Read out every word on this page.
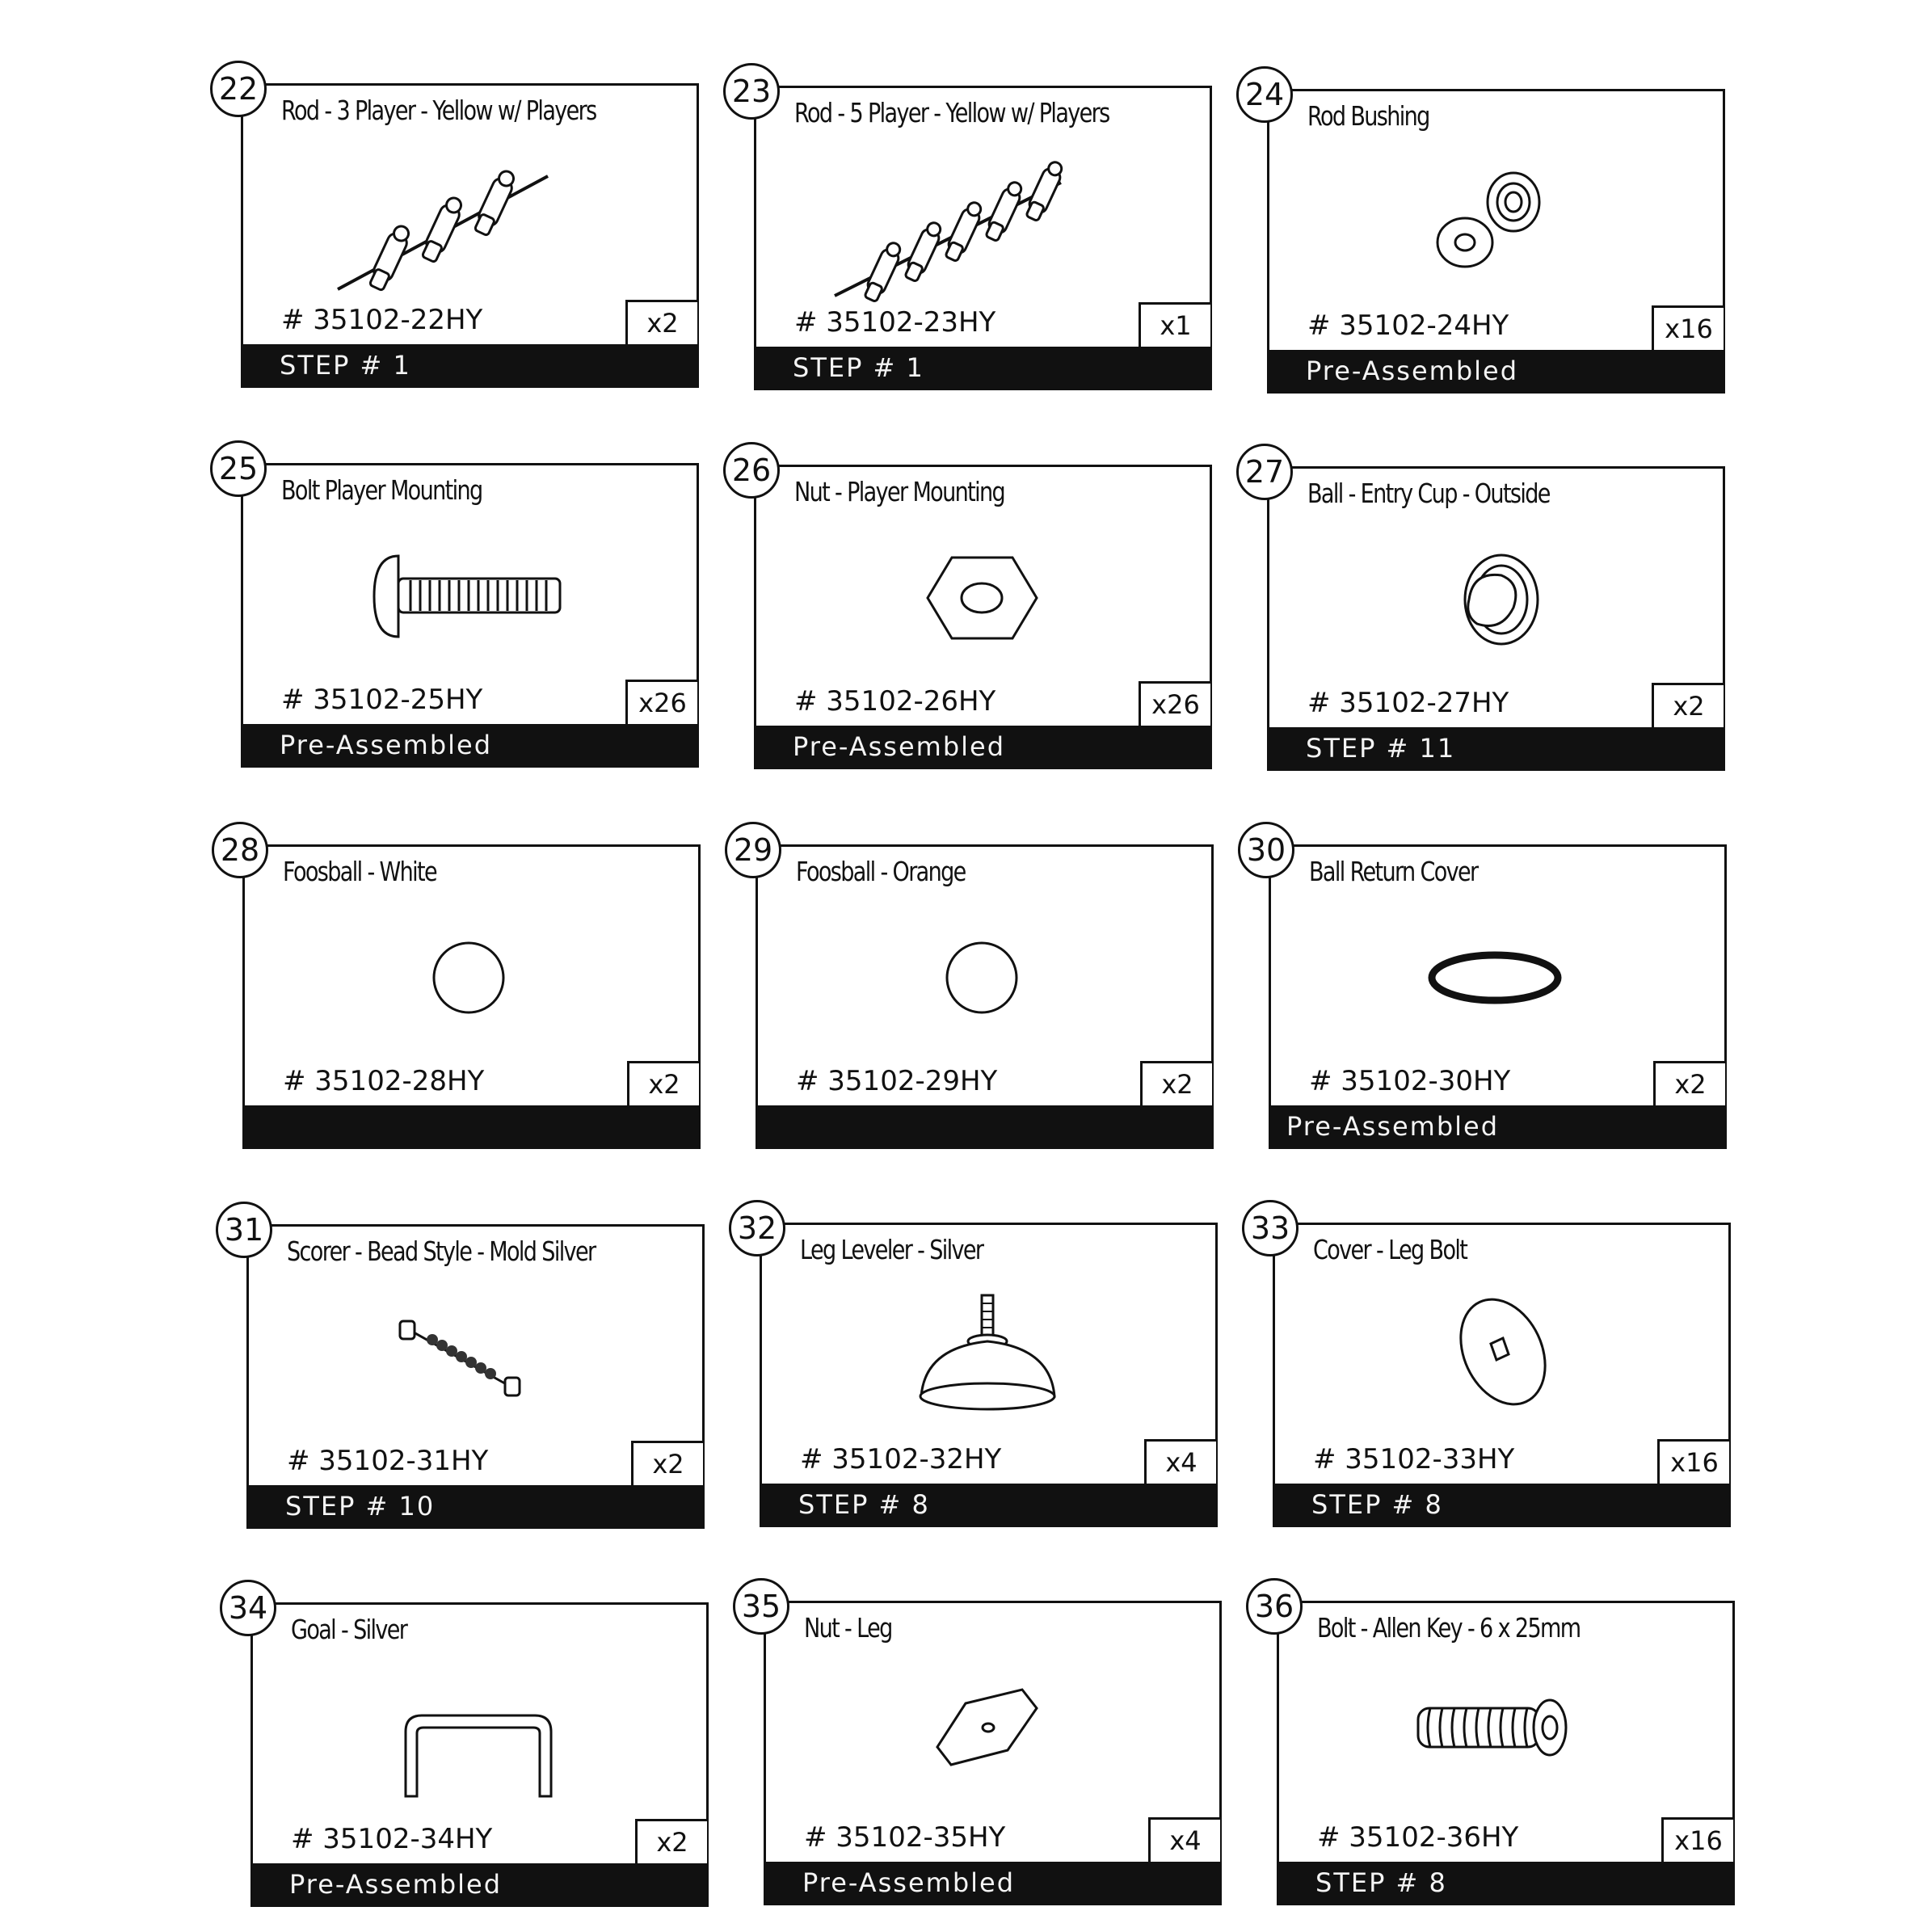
22
Rod - 3 Player - Yellow w/ Players
# 35102-22HY	x2
STEP # 1
23
Rod - 5 Player - Yellow w/ Players
# 35102-23HY	x1
STEP # 1
24
Rod Bushing
# 35102-24HY	x16
Pre-Assembled
25
Bolt Player Mounting
# 35102-25HY	x26
Pre-Assembled
26
Nut - Player Mounting
# 35102-26HY	x26
Pre-Assembled
27
Ball - Entry Cup - Outside
# 35102-27HY	x2
STEP # 11
28
Foosball - White
# 35102-28HY	x2
29
Foosball - Orange
# 35102-29HY	x2
30
Ball Return Cover
# 35102-30HY	x2
Pre-Assembled
31
Scorer - Bead Style - Mold Silver
# 35102-31HY	x2
STEP # 10
32
Leg Leveler - Silver
# 35102-32HY	x4
STEP # 8
33
Cover - Leg Bolt
# 35102-33HY	x16
STEP # 8
34
Goal - Silver
# 35102-34HY	x2
Pre-Assembled
35
Nut - Leg
# 35102-35HY	x4
Pre-Assembled
36
Bolt - Allen Key - 6 x 25mm
# 35102-36HY	x16
STEP # 8
